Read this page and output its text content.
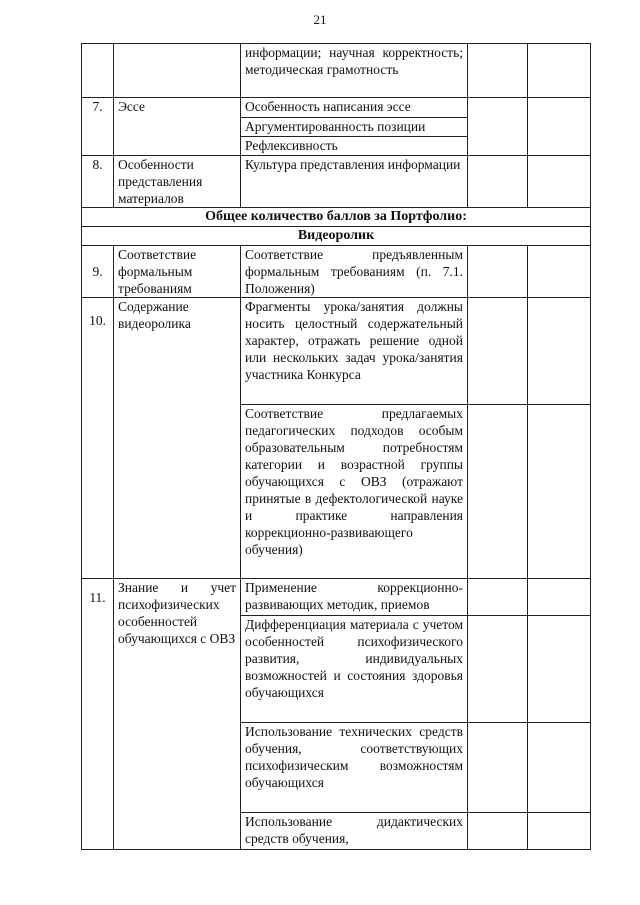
21
		информации; научная корректность; методическая грамотность		
7.	Эссе	Особенность написания эссе		
		Аргументированность позиции		
		Рефлексивность		
8.	Особенности представления материалов	Культура представления информации		
Общее количество баллов за Портфолио:				
Видеоролик				
9.	Соответствие формальным требованиям	Соответствие предъявленным формальным требованиям (п. 7.1. Положения)		
10.	Содержание видеоролика	Фрагменты урока/занятия должны носить целостный содержательный характер, отражать решение одной или нескольких задач урока/занятия участника Конкурса		
		Соответствие предлагаемых педагогических подходов особым образовательным потребностям категории и возрастной группы обучающихся с ОВЗ (отражают принятые в дефектологической науке и практике направления коррекционно-развивающего обучения)		
11.	Знание и учет психофизических особенностей обучающихся с ОВЗ	Применение коррекционно-развивающих методик, приемов		
		Дифференциация материала с учетом особенностей психофизического развития, индивидуальных возможностей и состояния здоровья обучающихся		
		Использование технических средств обучения, соответствующих психофизическим возможностям обучающихся		
		Использование дидактических средств обучения,		
